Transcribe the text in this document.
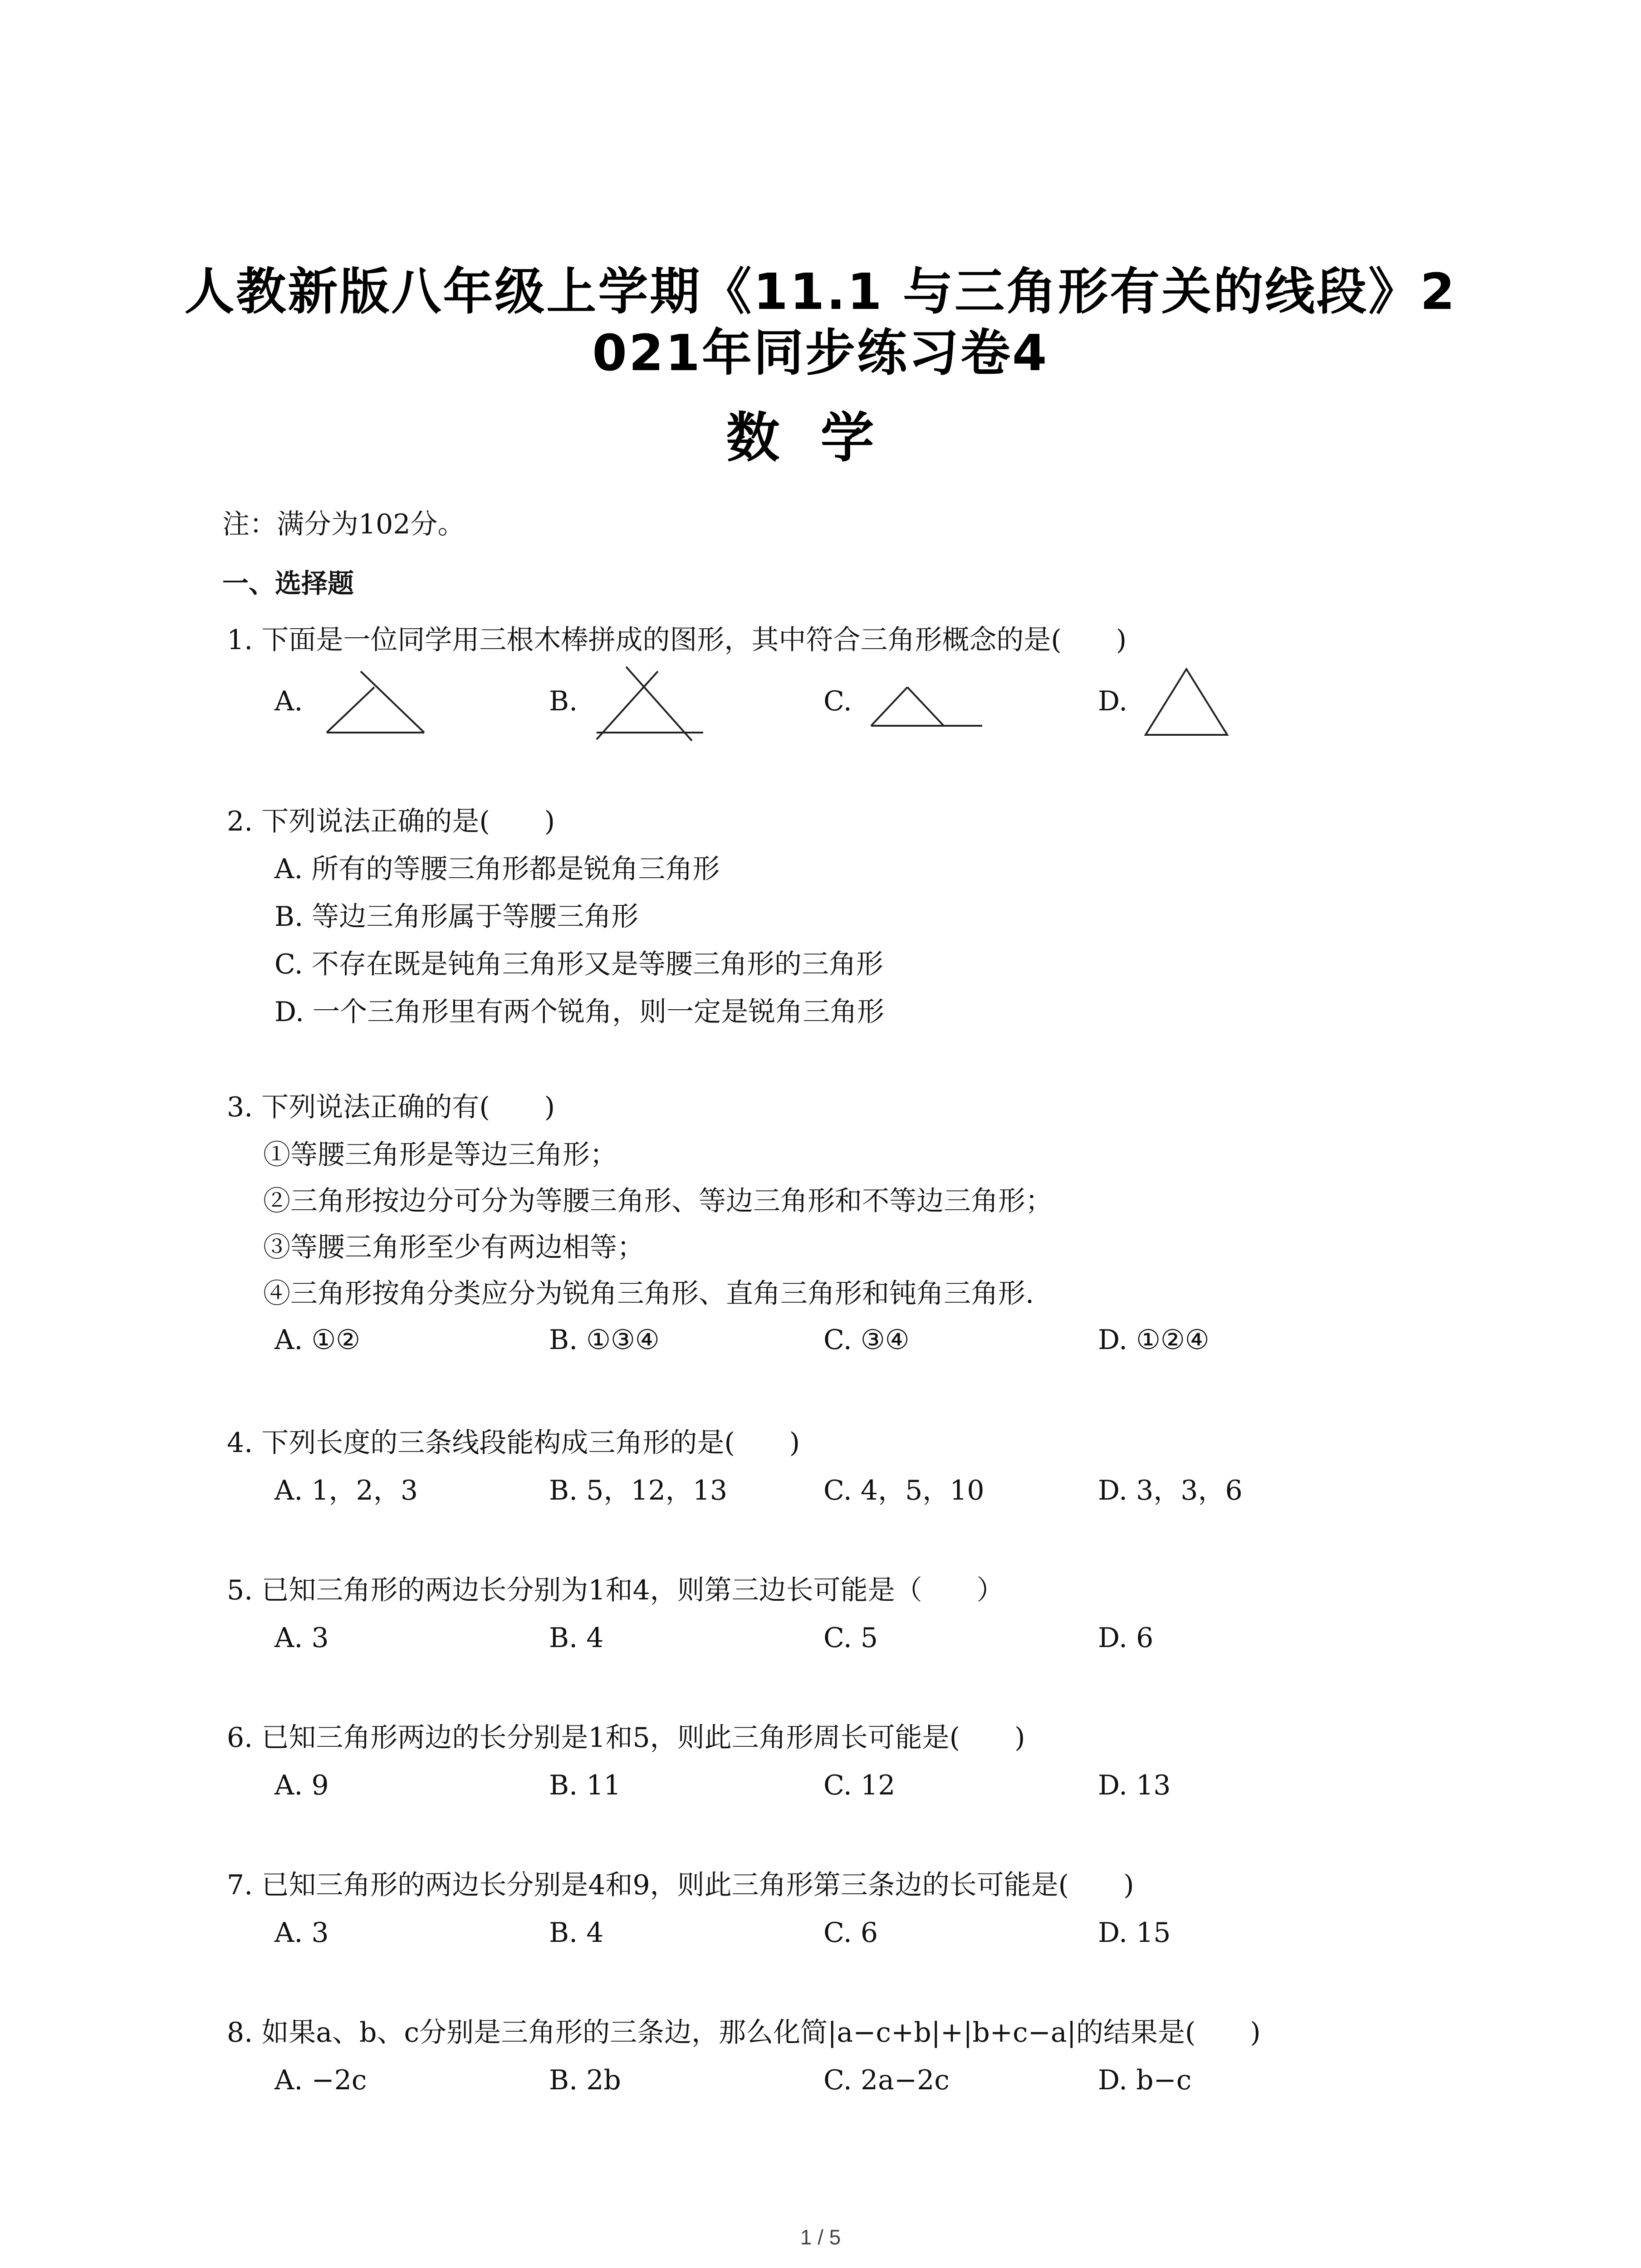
人教新版八年级上学期《11.1 与三角形有关的线段》2
021年同步练习卷4
数学
注：满分为102分。
一、选择题
1. 下面是一位同学用三根木棒拼成的图形，其中符合三角形概念的是(　　)
A.	B.	C.	D.
2. 下列说法正确的是(　　)
A. 所有的等腰三角形都是锐角三角形
B. 等边三角形属于等腰三角形
C. 不存在既是钝角三角形又是等腰三角形的三角形
D. 一个三角形里有两个锐角，则一定是锐角三角形
3. 下列说法正确的有(　　)
①等腰三角形是等边三角形；
②三角形按边分可分为等腰三角形、等边三角形和不等边三角形；
③等腰三角形至少有两边相等；
④三角形按角分类应分为锐角三角形、直角三角形和钝角三角形.
A. ①②	B. ①③④	C. ③④	D. ①②④
4. 下列长度的三条线段能构成三角形的是(　　)
A. 1，2，3	B. 5，12，13	C. 4，5，10	D. 3，3，6
5. 已知三角形的两边长分别为1和4，则第三边长可能是（　　）
A. 3	B. 4	C. 5	D. 6
6. 已知三角形两边的长分别是1和5，则此三角形周长可能是(　　)
A. 9	B. 11	C. 12	D. 13
7. 已知三角形的两边长分别是4和9，则此三角形第三条边的长可能是(　　)
A. 3	B. 4	C. 6	D. 15
8. 如果a、b、c分别是三角形的三条边，那么化简|a−c+b|+|b+c−a|的结果是(　　)
A. −2c	B. 2b	C. 2a−2c	D. b−c
1 / 5
